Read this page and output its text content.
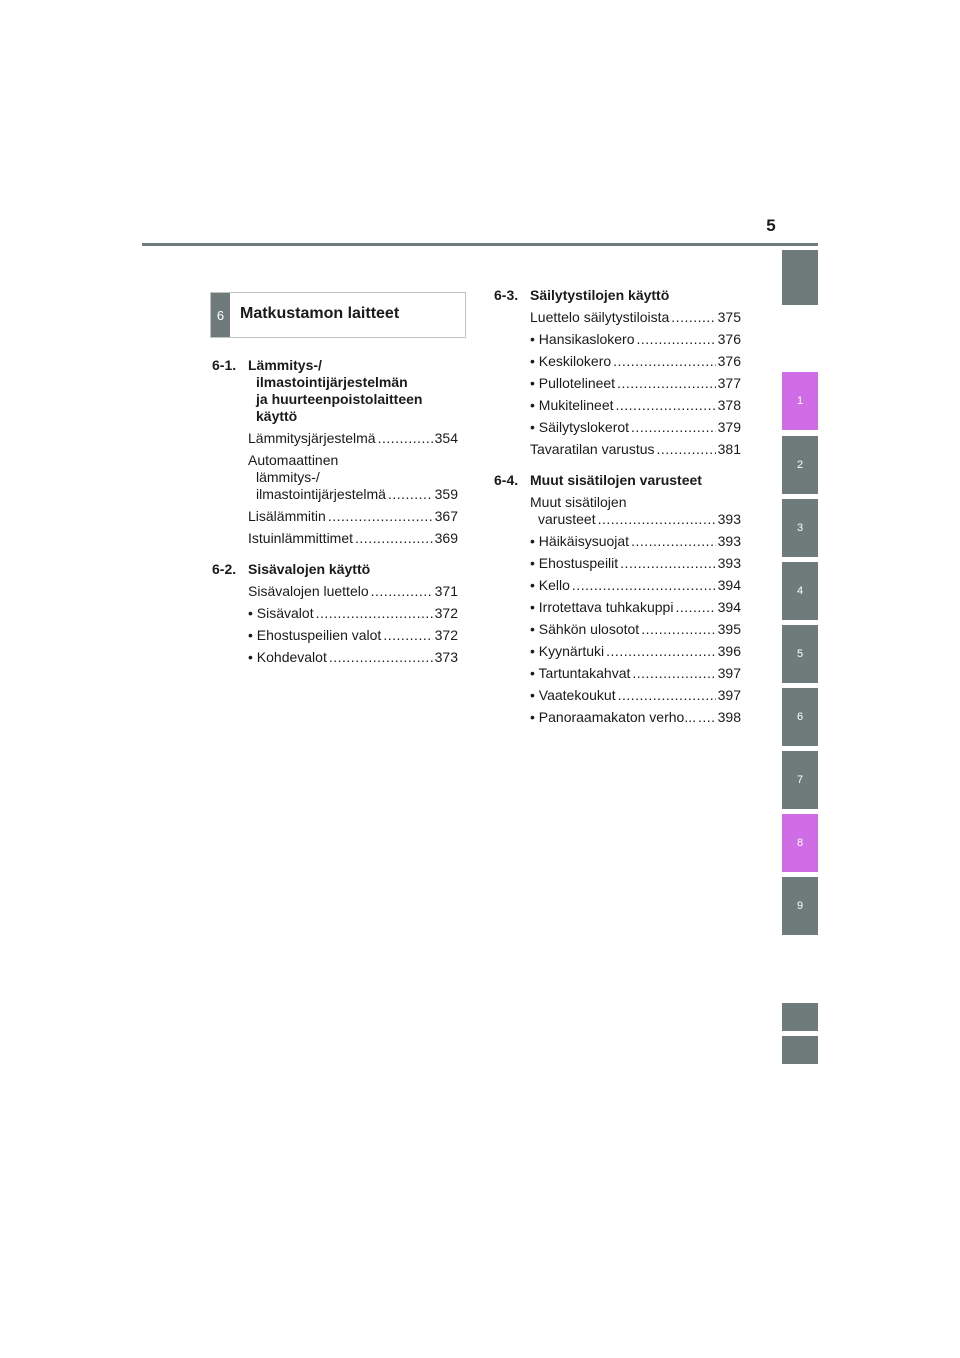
5
1
2
3
4
5
6
7
8
9
6 Matkustamon laitteet
6-1. Lämmitys-/
ilmastointijärjestelmän
ja huurteenpoistolaitteen
käyttö
Lämmitysjärjestelmä .....	354
Automaattinen
lämmitys-/
ilmastointijärjestelmä .....	359
Lisälämmitin .....	367
Istuinlämmittimet .....	369
6-2. Sisävalojen käyttö
Sisävalojen luettelo .....	371
• Sisävalot .....	372
• Ehostuspeilien valot .....	372
• Kohdevalot .....	373
6-3. Säilytystilojen käyttö
Luettelo säilytystiloista .....	375
• Hansikaslokero .....	376
• Keskilokero .....	376
• Pullotelineet .....	377
• Mukitelineet .....	378
• Säilytyslokerot .....	379
Tavaratilan varustus .....	381
6-4. Muut sisätilojen varusteet
Muut sisätilojen
varusteet .....	393
• Häikäisysuojat .....	393
• Ehostuspeilit .....	393
• Kello .....	394
• Irrotettava tuhkakuppi .....	394
• Sähkön ulosotot .....	395
• Kyynärtuki .....	396
• Tartuntakahvat .....	397
• Vaatekoukut .....	397
• Panoraamakaton verho... ..... 398
